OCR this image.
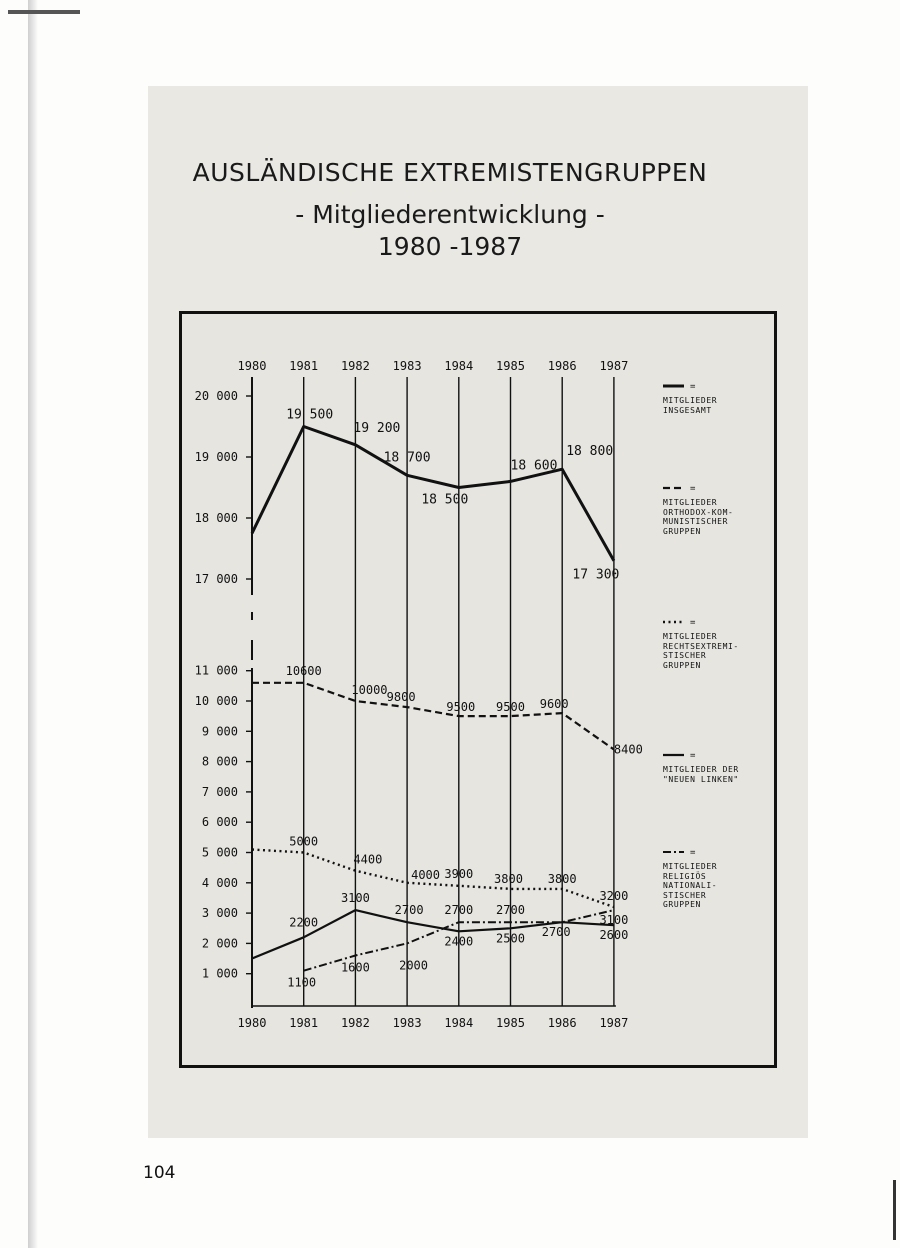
AUSLÄNDISCHE EXTREMISTENGRUPPEN
- Mitgliederentwicklung -
1980 -1987
1980
1980
1981
1981
1982
1982
1983
1983
1984
1984
1985
1985
1986
1986
1987
1987
20 000
19 000
18 000
17 000
11 000
10 000
9 000
8 000
7 000
6 000
5 000
4 000
3 000
2 000
1 000
19 500
19 200
18 700
18 500
18 600
18 800
17 300
10600
10000
9800
9500 9500 9600
8400
5000
4400
4000 3900 3800 3800
3200
2200
3100
2700
2400 2500 2700 2600
1100
1600 2000
2700 2700
3100
=
=
=
=
=
104
MITGLIEDER
INSGESAMT
MITGLIEDER
ORTHODOX-KOM-
MUNISTISCHER
GRUPPEN
MITGLIEDER
RECHTSEXTREMI-
STISCHER
GRUPPEN
MITGLIEDER DER
"NEUEN LINKEN"
MITGLIEDER
RELIGIÖS
NATIONALI-
STISCHER
GRUPPEN
